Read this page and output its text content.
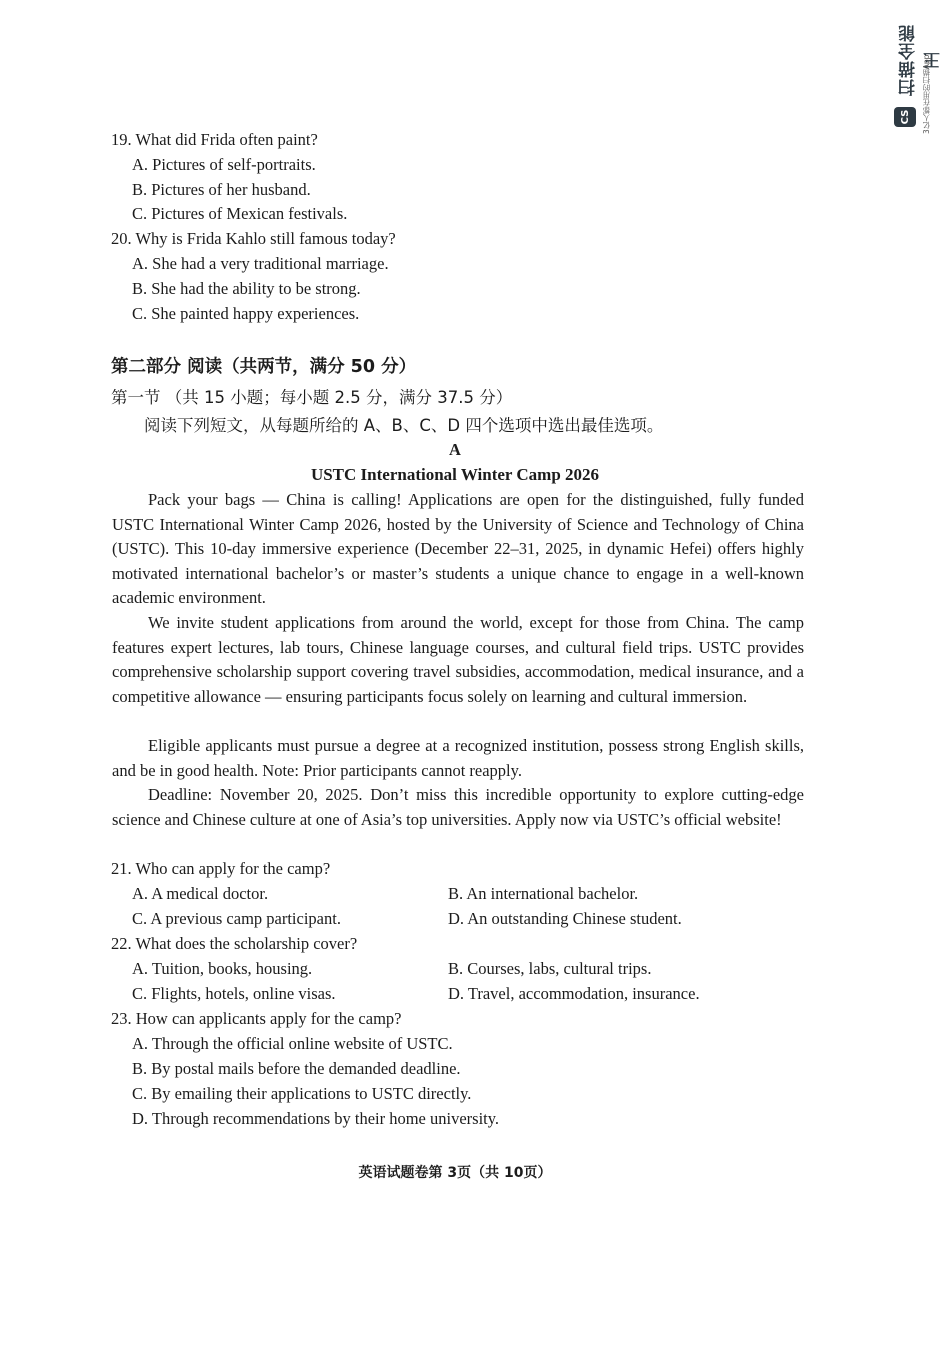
扫描全能王
CS	3亿人都在用的扫描App
19. What did Frida often paint?
A. Pictures of self-portraits.
B. Pictures of her husband.
C. Pictures of Mexican festivals.
20. Why is Frida Kahlo still famous today?
A. She had a very traditional marriage.
B. She had the ability to be strong.
C. She painted happy experiences.
第二部分 阅读（共两节，满分 50 分）
第一节 （共 15 小题；每小题 2.5 分，满分 37.5 分）
阅读下列短文，从每题所给的 A、B、C、D 四个选项中选出最佳选项。
A
USTC International Winter Camp 2026
Pack your bags — China is calling! Applications are open for the distinguished, fully funded USTC International Winter Camp 2026, hosted by the University of Science and Technology of China (USTC). This 10-day immersive experience (December 22–31, 2025, in dynamic Hefei) offers highly motivated international bachelor’s or master’s students a unique chance to engage in a well-known academic environment.
We invite student applications from around the world, except for those from China. The camp features expert lectures, lab tours, Chinese language courses, and cultural field trips. USTC provides comprehensive scholarship support covering travel subsidies, accommodation, medical insurance, and a competitive allowance — ensuring participants focus solely on learning and cultural immersion.
Eligible applicants must pursue a degree at a recognized institution, possess strong English skills, and be in good health. Note: Prior participants cannot reapply.
Deadline: November 20, 2025. Don’t miss this incredible opportunity to explore cutting-edge science and Chinese culture at one of Asia’s top universities. Apply now via USTC’s official website!
21. Who can apply for the camp?
A. A medical doctor.	B. An international bachelor.
C. A previous camp participant.	D. An outstanding Chinese student.
22. What does the scholarship cover?
A. Tuition, books, housing.	B. Courses, labs, cultural trips.
C. Flights, hotels, online visas.	D. Travel, accommodation, insurance.
23. How can applicants apply for the camp?
A. Through the official online website of USTC.
B. By postal mails before the demanded deadline.
C. By emailing their applications to USTC directly.
D. Through recommendations by their home university.
英语试题卷第 3页（共 10页）
